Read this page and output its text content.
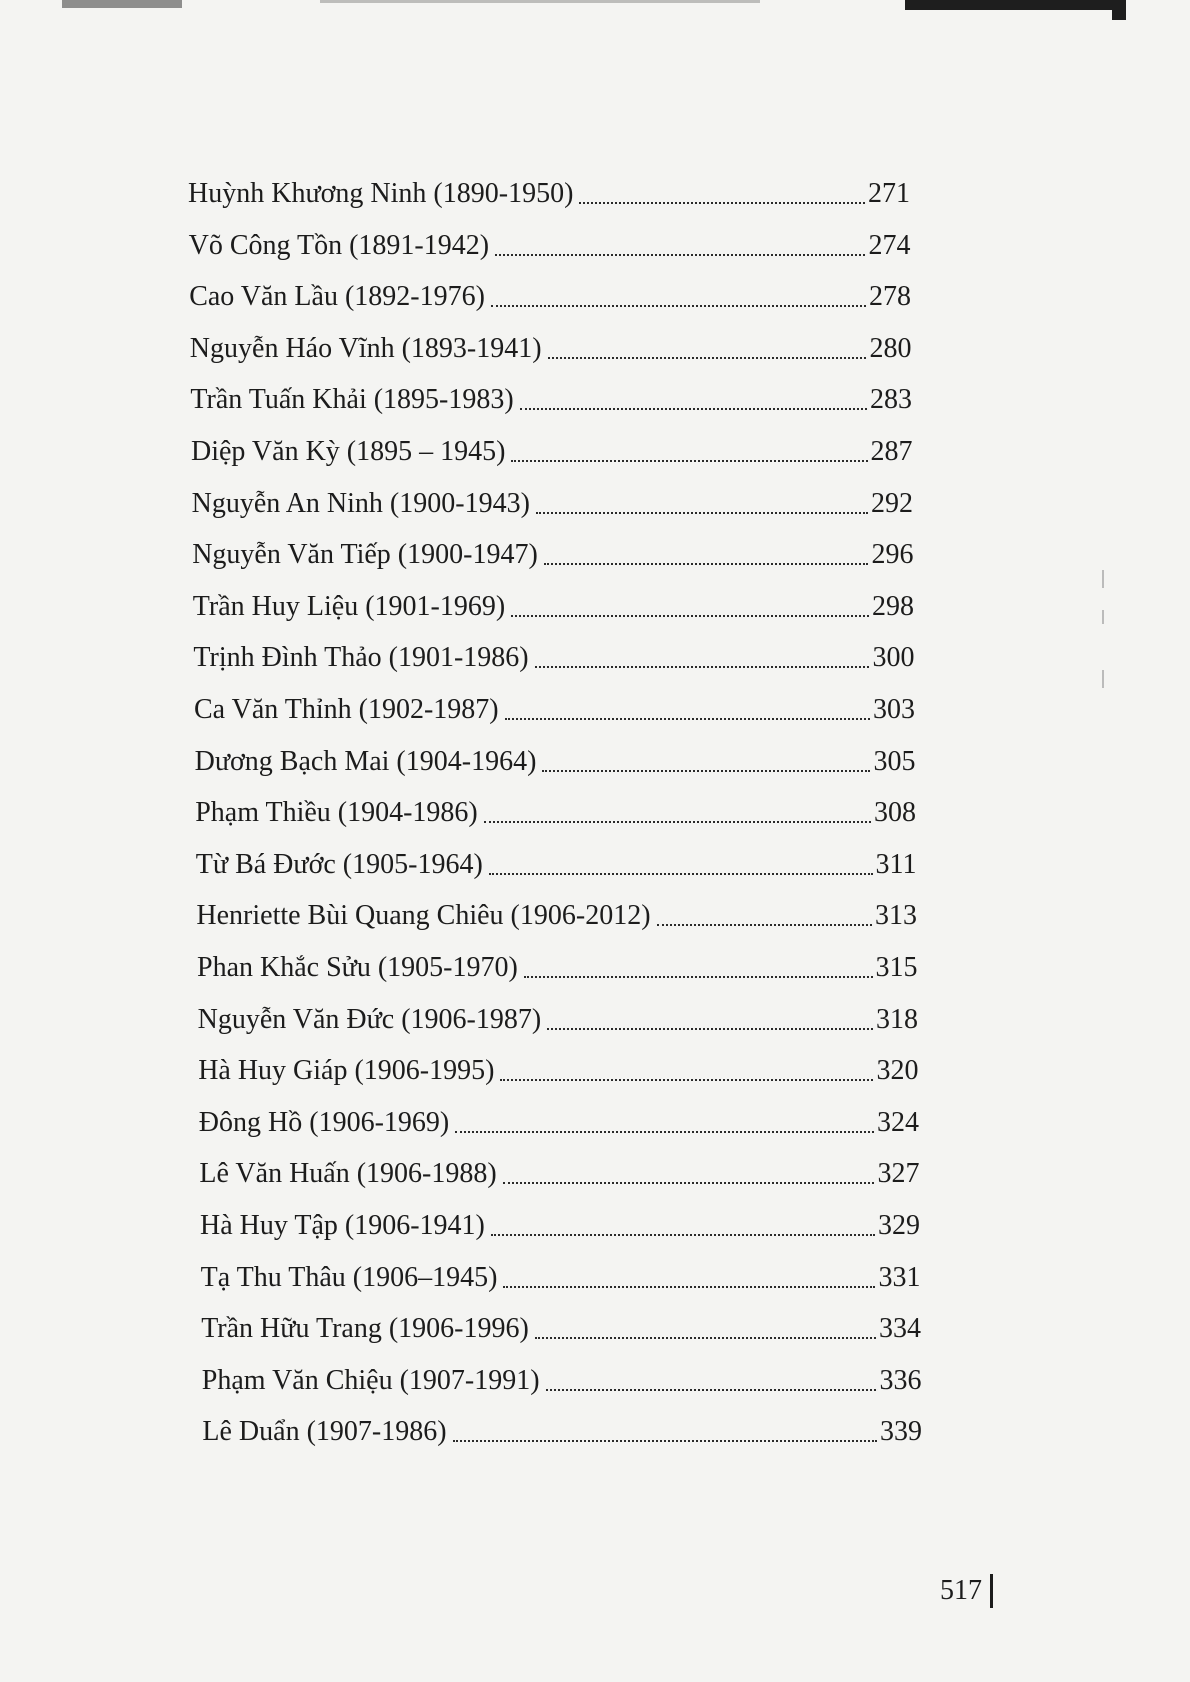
Huỳnh Khương Ninh (1890-1950)	271
Võ Công Tồn (1891-1942)	274
Cao Văn Lầu (1892-1976)	278
Nguyễn Háo Vĩnh (1893-1941)	280
Trần Tuấn Khải (1895-1983)	283
Diệp Văn Kỳ (1895 – 1945)	287
Nguyễn An Ninh (1900-1943)	292
Nguyễn Văn Tiếp (1900-1947)	296
Trần Huy Liệu (1901-1969)	298
Trịnh Đình Thảo (1901-1986)	300
Ca Văn Thỉnh (1902-1987)	303
Dương Bạch Mai (1904-1964)	305
Phạm Thiều (1904-1986)	308
Từ Bá Đước (1905-1964)	311
Henriette Bùi Quang Chiêu (1906-2012)	313
Phan Khắc Sửu (1905-1970)	315
Nguyễn Văn Đức (1906-1987)	318
Hà Huy Giáp (1906-1995)	320
Đông Hồ (1906-1969)	324
Lê Văn Huấn (1906-1988)	327
Hà Huy Tập (1906-1941)	329
Tạ Thu Thâu (1906–1945)	331
Trần Hữu Trang (1906-1996)	334
Phạm Văn Chiệu (1907-1991)	336
Lê Duẩn (1907-1986)	339
517
